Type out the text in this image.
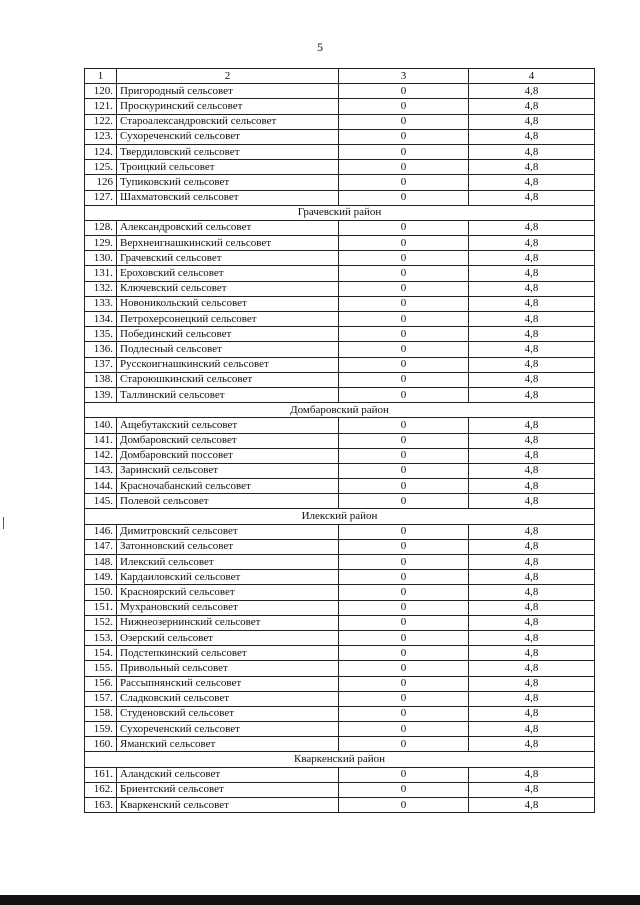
5
1	2	3	4
120.	Пригородный сельсовет	0	4,8
121.	Проскуринский сельсовет	0	4,8
122.	Староалександровский сельсовет	0	4,8
123.	Сухореченский сельсовет	0	4,8
124.	Твердиловский сельсовет	0	4,8
125.	Троицкий сельсовет	0	4,8
126	Тупиковский сельсовет	0	4,8
127.	Шахматовский сельсовет	0	4,8
Грачевский район			
128.	Александровский сельсовет	0	4,8
129.	Верхнеигнашкинский сельсовет	0	4,8
130.	Грачевский сельсовет	0	4,8
131.	Ероховский сельсовет	0	4,8
132.	Ключевский сельсовет	0	4,8
133.	Новоникольский сельсовет	0	4,8
134.	Петрохерсонецкий сельсовет	0	4,8
135.	Побединский сельсовет	0	4,8
136.	Подлесный сельсовет	0	4,8
137.	Русскоигнашкинский сельсовет	0	4,8
138.	Староюшкинский сельсовет	0	4,8
139.	Таллинский сельсовет	0	4,8
Домбаровский район			
140.	Ащебутакский сельсовет	0	4,8
141.	Домбаровский сельсовет	0	4,8
142.	Домбаровский поссовет	0	4,8
143.	Заринский сельсовет	0	4,8
144.	Красночабанский сельсовет	0	4,8
145.	Полевой сельсовет	0	4,8
Илекский район			
146.	Димитровский сельсовет	0	4,8
147.	Затонновский сельсовет	0	4,8
148.	Илекский сельсовет	0	4,8
149.	Кардаиловский сельсовет	0	4,8
150.	Красноярский сельсовет	0	4,8
151.	Мухрановский сельсовет	0	4,8
152.	Нижнеозернинский сельсовет	0	4,8
153.	Озерский сельсовет	0	4,8
154.	Подстепкинский сельсовет	0	4,8
155.	Привольный сельсовет	0	4,8
156.	Рассыпнянский сельсовет	0	4,8
157.	Сладковский сельсовет	0	4,8
158.	Студеновский сельсовет	0	4,8
159.	Сухореченский сельсовет	0	4,8
160.	Яманский сельсовет	0	4,8
Кваркенский район			
161.	Аландский сельсовет	0	4,8
162.	Бриентский сельсовет	0	4,8
163.	Кваркенский сельсовет	0	4,8
